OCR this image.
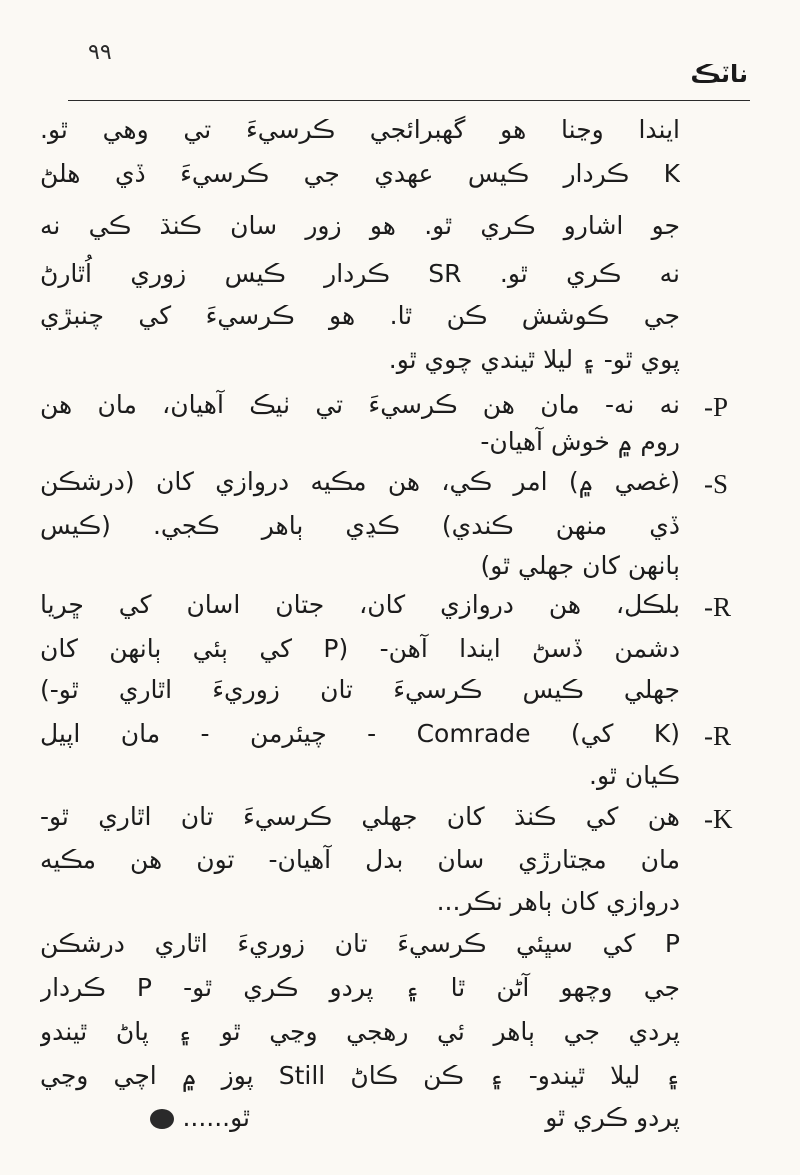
۹۹
ناٽڪ
ايندا وڃنا هو گهبرائجي ڪرسيءَ تي وهي ٿو.
K ڪردار ڪيس عهدي جي ڪرسيءَ ڏي هلڻ
جو اشارو ڪري ٿو. هو زور سان ڪنڌ ڪي نه
نه ڪري ٿو. SR ڪردار ڪيس زوري اُٿارڻ
جي ڪوشش ڪن ٿا. هو ڪرسيءَ کي چنبڙي
پوي ٿو- ۽ ليلا ٿيندي چوي ٿو.
-P
نه نه- مان هن ڪرسيءَ تي ٺيڪ آهيان، مان هن
روم ۾ خوش آهيان-
-S
(غصي ۾) امر ڪي، هن مڪيه دروازي کان (درشڪن
ڏي منهن ڪندي) ڪڍي ٻاهر ڪجي. (ڪيس
ٻانهن کان جهلي ٿو)
-R
بلڪل، هن دروازي کان، جتان اسان کي ڇريا
دشمن ڏسڻ ايندا آهن- (P کي ٻئي ٻانهن کان
جهلي ڪيس ڪرسيءَ تان زوريءَ اٿاري ٿو-)
-R
(K کي) Comrade - چيئرمن - مان اپيل
ڪيان ٿو.
-K
هن کي ڪنڌ کان جهلي ڪرسيءَ تان اٿاري ٿو-
مان مڃتارڙي سان بدل آهيان- تون هن مڪيه
دروازي کان ٻاهر نڪر...
P کي سڀئي ڪرسيءَ تان زوريءَ اٿاري درشڪن
جي وچهو آڻن ٿا ۽ پردو ڪري ٿو- P ڪردار
پردي جي ٻاهر ئي رهجي وڃي ٿو ۽ پاڻ ٿيندو
۽ ليلا ٿيندو- ۽ ڪن ڪاڻ Still پوز ۾ اچي وڃي
پردو ڪري ٿو
ٿو......
